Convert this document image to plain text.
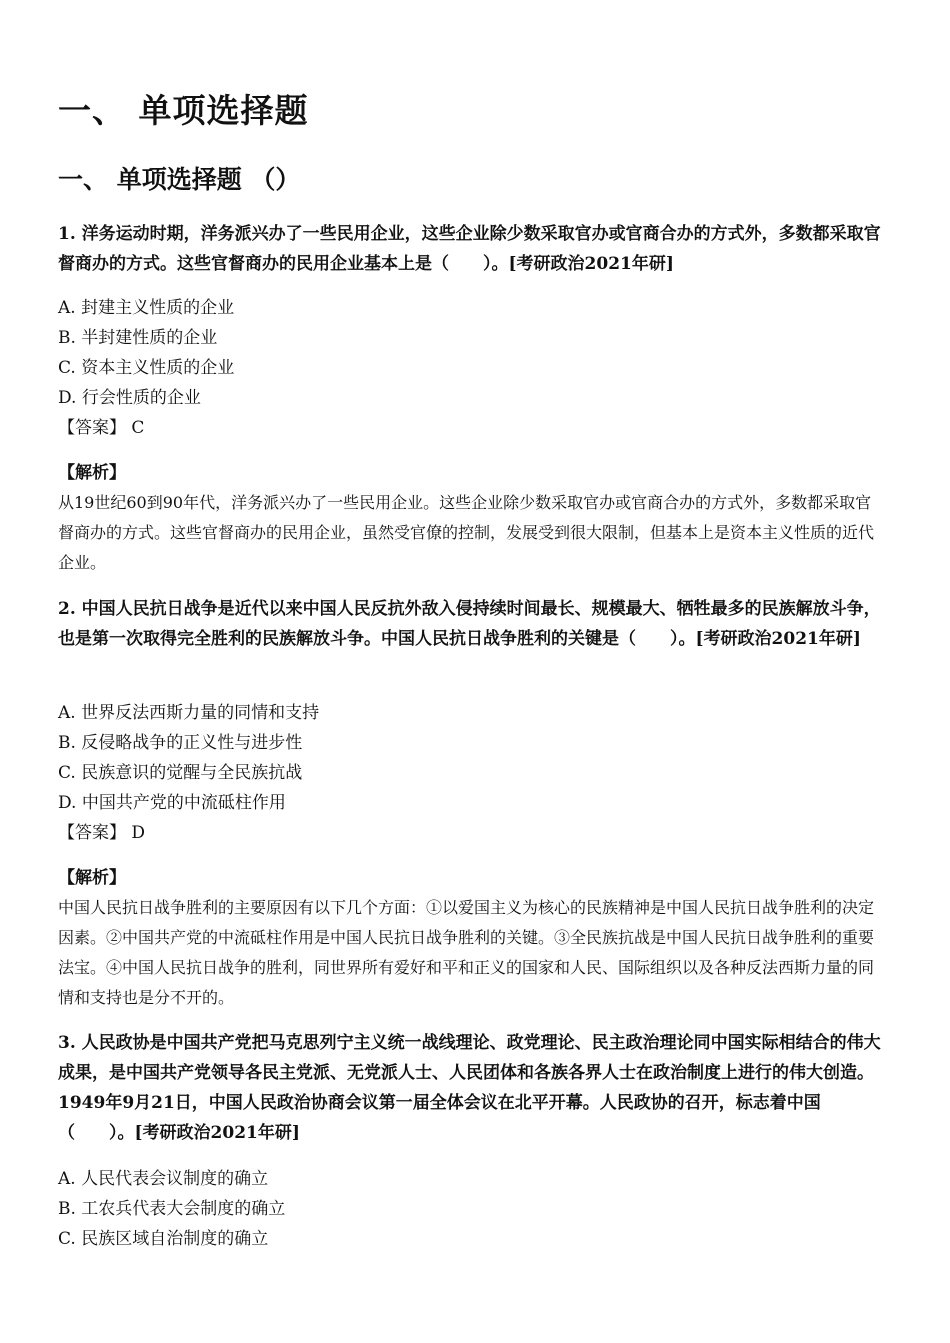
一、 单项选择题
一、 单项选择题 （）
1. 洋务运动时期，洋务派兴办了一些民用企业，这些企业除少数采取官办或官商合办的方式外，多数都采取官督商办的方式。这些官督商办的民用企业基本上是（　　）。[考研政治2021年研]
A. 封建主义性质的企业
B. 半封建性质的企业
C. 资本主义性质的企业
D. 行会性质的企业
【答案】 C
【解析】
从19世纪60到90年代，洋务派兴办了一些民用企业。这些企业除少数采取官办或官商合办的方式外，多数都采取官督商办的方式。这些官督商办的民用企业，虽然受官僚的控制，发展受到很大限制，但基本上是资本主义性质的近代企业。
2. 中国人民抗日战争是近代以来中国人民反抗外敌入侵持续时间最长、规模最大、牺牲最多的民族解放斗争，也是第一次取得完全胜利的民族解放斗争。中国人民抗日战争胜利的关键是（　　）。[考研政治2021年研]
A. 世界反法西斯力量的同情和支持
B. 反侵略战争的正义性与进步性
C. 民族意识的觉醒与全民族抗战
D. 中国共产党的中流砥柱作用
【答案】 D
【解析】
中国人民抗日战争胜利的主要原因有以下几个方面：①以爱国主义为核心的民族精神是中国人民抗日战争胜利的决定因素。②中国共产党的中流砥柱作用是中国人民抗日战争胜利的关键。③全民族抗战是中国人民抗日战争胜利的重要法宝。④中国人民抗日战争的胜利，同世界所有爱好和平和正义的国家和人民、国际组织以及各种反法西斯力量的同情和支持也是分不开的。
3. 人民政协是中国共产党把马克思列宁主义统一战线理论、政党理论、民主政治理论同中国实际相结合的伟大成果，是中国共产党领导各民主党派、无党派人士、人民团体和各族各界人士在政治制度上进行的伟大创造。1949年9月21日，中国人民政治协商会议第一届全体会议在北平开幕。人民政协的召开，标志着中国（　　）。[考研政治2021年研]
A. 人民代表会议制度的确立
B. 工农兵代表大会制度的确立
C. 民族区域自治制度的确立
